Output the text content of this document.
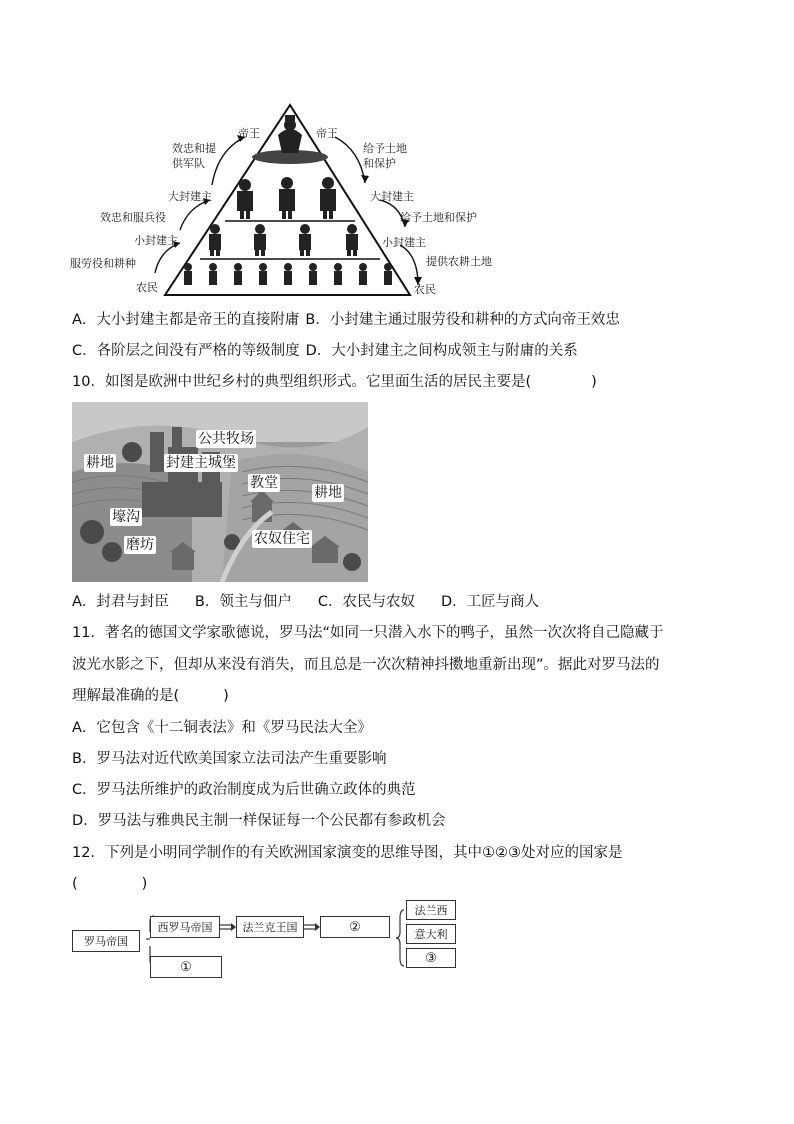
帝王	帝王
效忠和提
供军队
给予土地
和保护
大封建主	大封建主
效忠和服兵役	给予土地和保护
小封建主	小封建主
服劳役和耕种	提供农耕土地
农民	农民
A．大小封建主都是帝王的直接附庸 B．小封建主通过服劳役和耕种的方式向帝王效忠
C．各阶层之间没有严格的等级制度 D．大小封建主之间构成领主与附庸的关系
10．如图是欧洲中世纪乡村的典型组织形式。它里面生活的居民主要是(	)
公共牧场
耕地	封建主城堡
教堂
耕地
壕沟
磨坊	农奴住宅
A．封君与封臣 B．领主与佃户 C．农民与农奴 D．工匠与商人
11．著名的德国文学家歌德说，罗马法“如同一只潜入水下的鸭子，虽然一次次将自己隐藏于
波光水影之下，但却从来没有消失，而且总是一次次精神抖擞地重新出现”。据此对罗马法的
理解最准确的是(	)
A．它包含《十二铜表法》和《罗马民法大全》
B．罗马法对近代欧美国家立法司法产生重要影响
C．罗马法所维护的政治制度成为后世确立政体的典范
D．罗马法与雅典民主制一样保证每一个公民都有参政机会
12．下列是小明同学制作的有关欧洲国家演变的思维导图，其中①②③处对应的国家是
(	)
罗马帝国
西罗马帝国	法兰克王国	②
①
法兰西
意大利
③
